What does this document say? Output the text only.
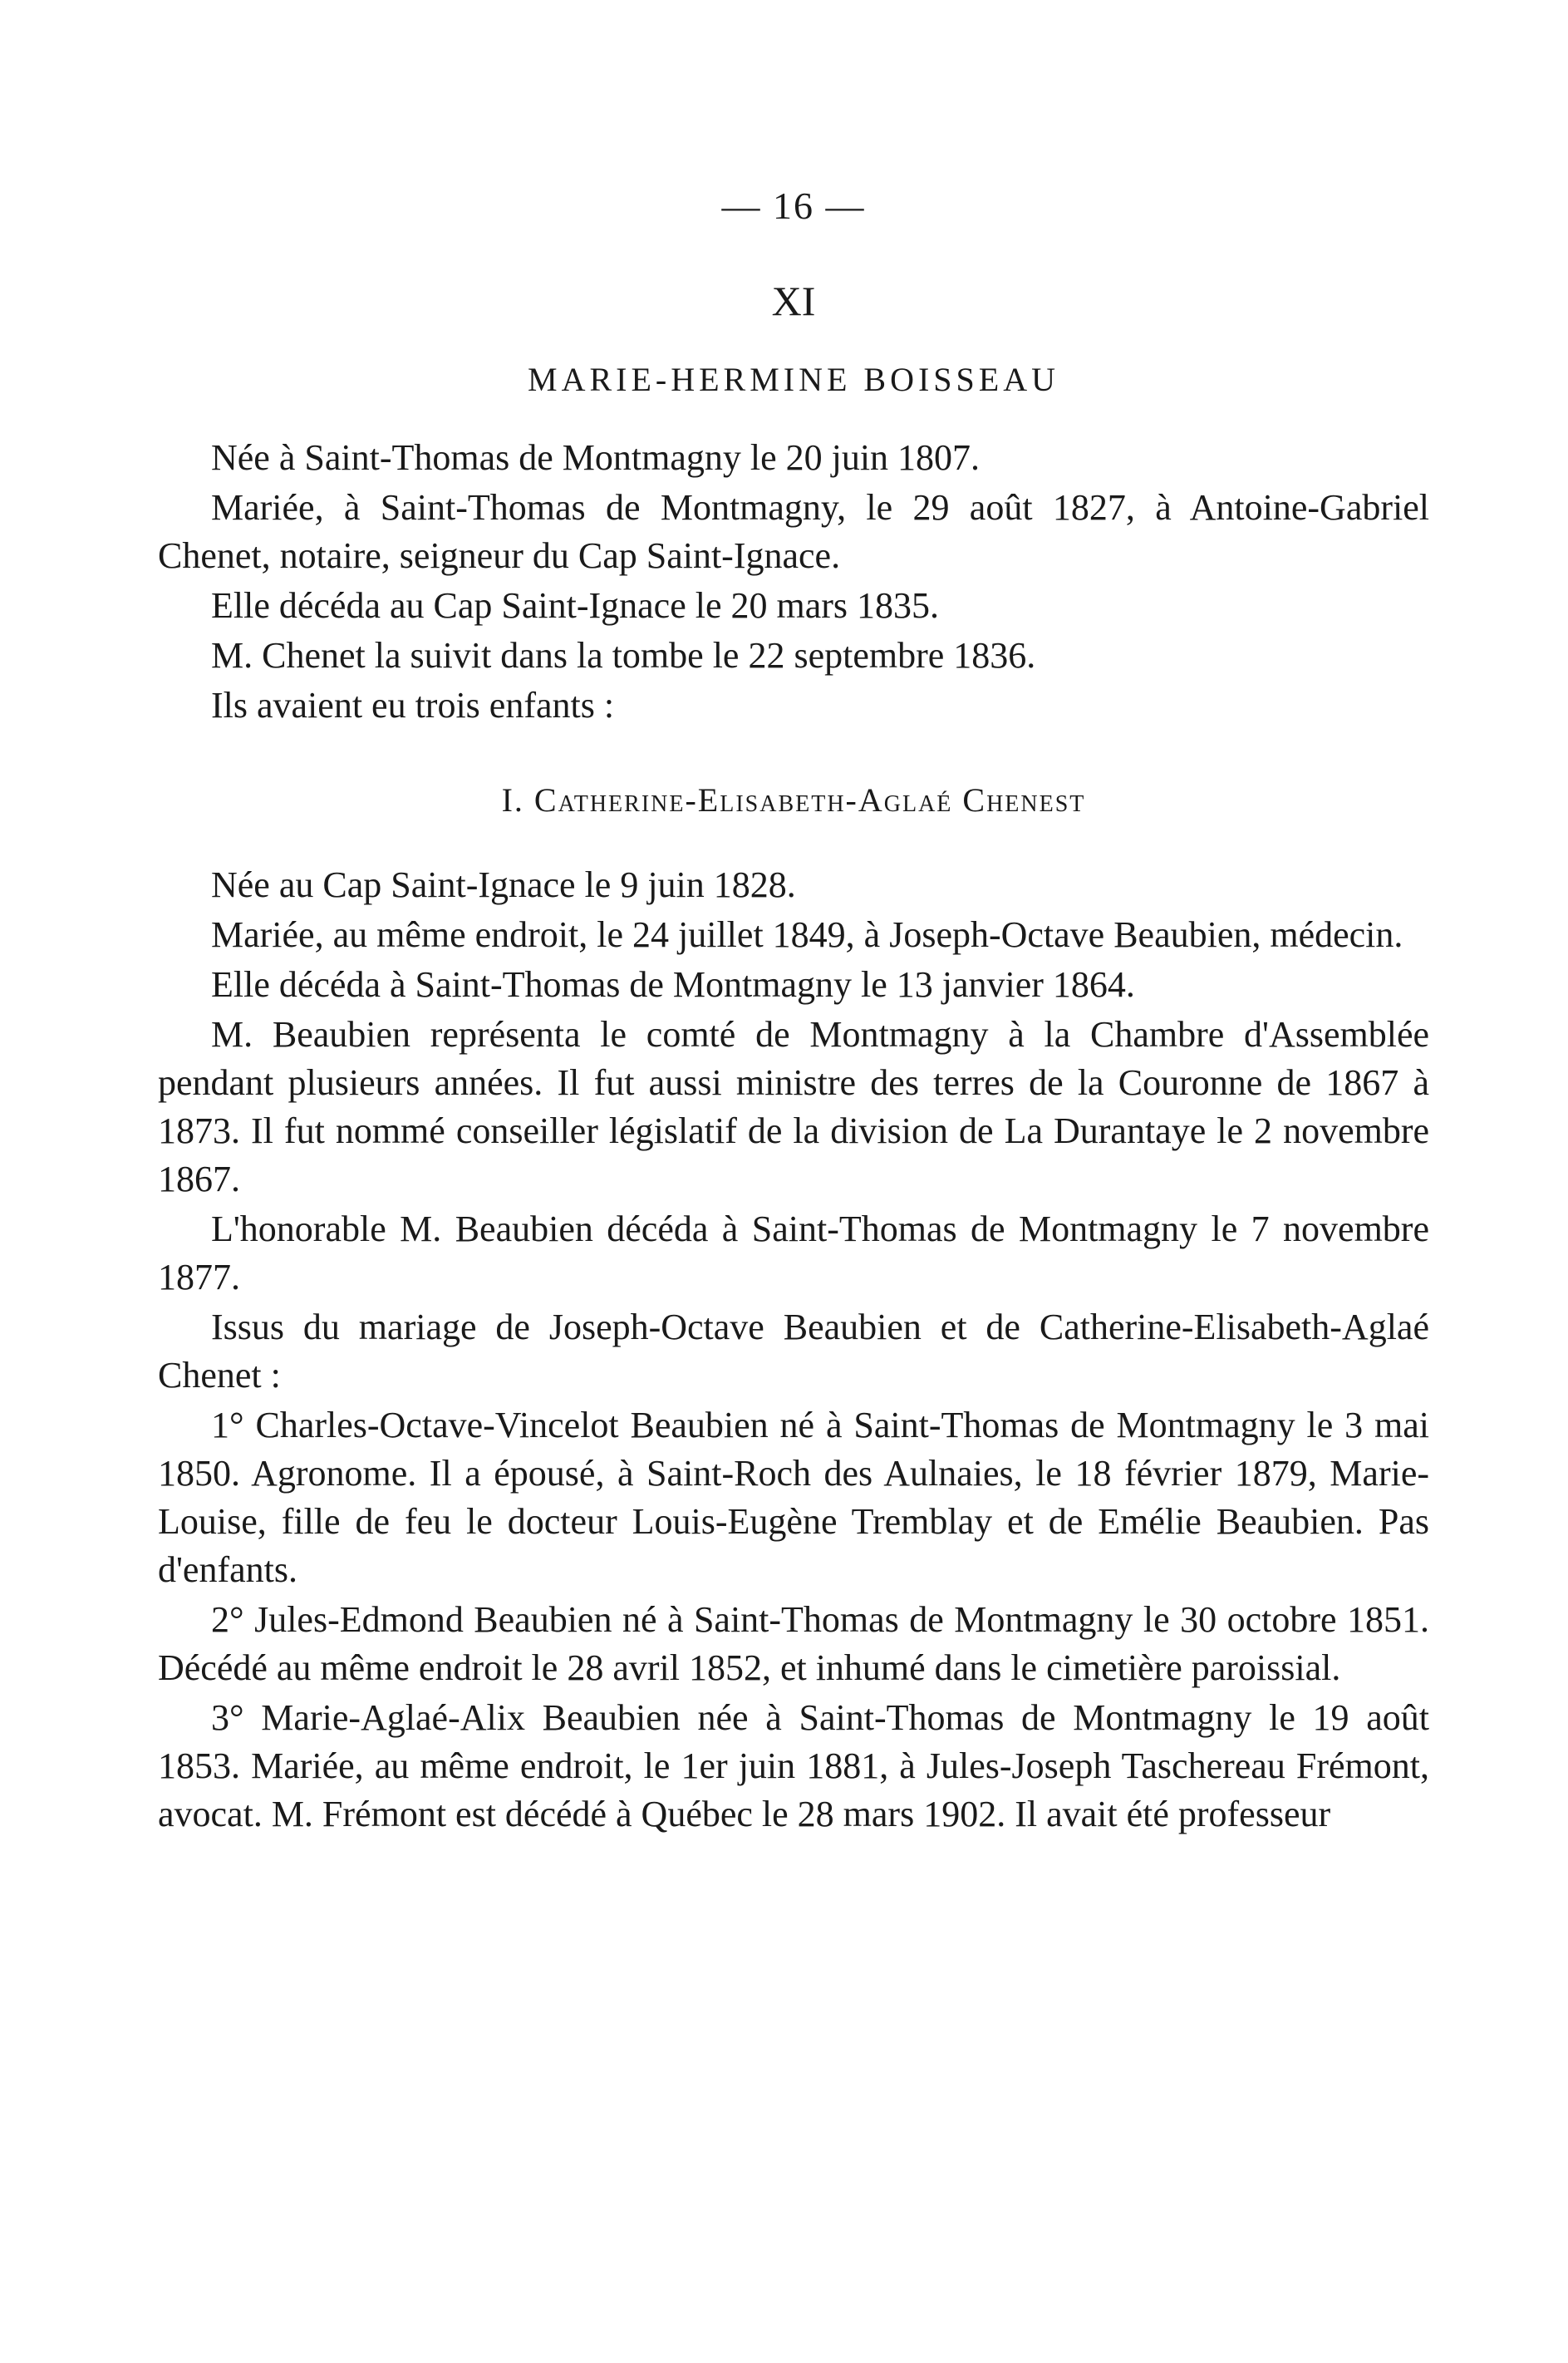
— 16 —
XI
MARIE-HERMINE BOISSEAU

Née à Saint-Thomas de Montmagny le 20 juin 1807.

Mariée, à Saint-Thomas de Montmagny, le 29 août 1827, à Antoine-Gabriel Chenet, notaire, seigneur du Cap Saint-Ignace.

Elle décéda au Cap Saint-Ignace le 20 mars 1835.

M. Chenet la suivit dans la tombe le 22 septembre 1836.

Ils avaient eu trois enfants :

I. Catherine-Elisabeth-Aglaé Chenest

Née au Cap Saint-Ignace le 9 juin 1828.

Mariée, au même endroit, le 24 juillet 1849, à Joseph-Octave Beaubien, médecin.

Elle décéda à Saint-Thomas de Montmagny le 13 janvier 1864.

M. Beaubien représenta le comté de Montmagny à la Chambre d'Assemblée pendant plusieurs années. Il fut aussi ministre des terres de la Couronne de 1867 à 1873. Il fut nommé conseiller législatif de la division de La Durantaye le 2 novembre 1867.

L'honorable M. Beaubien décéda à Saint-Thomas de Montmagny le 7 novembre 1877.

Issus du mariage de Joseph-Octave Beaubien et de Catherine-Elisabeth-Aglaé Chenet :

1° Charles-Octave-Vincelot Beaubien né à Saint-Thomas de Montmagny le 3 mai 1850. Agronome. Il a épousé, à Saint-Roch des Aulnaies, le 18 février 1879, Marie-Louise, fille de feu le docteur Louis-Eugène Tremblay et de Emélie Beaubien. Pas d'enfants.

2° Jules-Edmond Beaubien né à Saint-Thomas de Montmagny le 30 octobre 1851. Décédé au même endroit le 28 avril 1852, et inhumé dans le cimetière paroissial.

3° Marie-Aglaé-Alix Beaubien née à Saint-Thomas de Montmagny le 19 août 1853. Mariée, au même endroit, le 1er juin 1881, à Jules-Joseph Taschereau Frémont, avocat. M. Frémont est décédé à Québec le 28 mars 1902. Il avait été professeur
